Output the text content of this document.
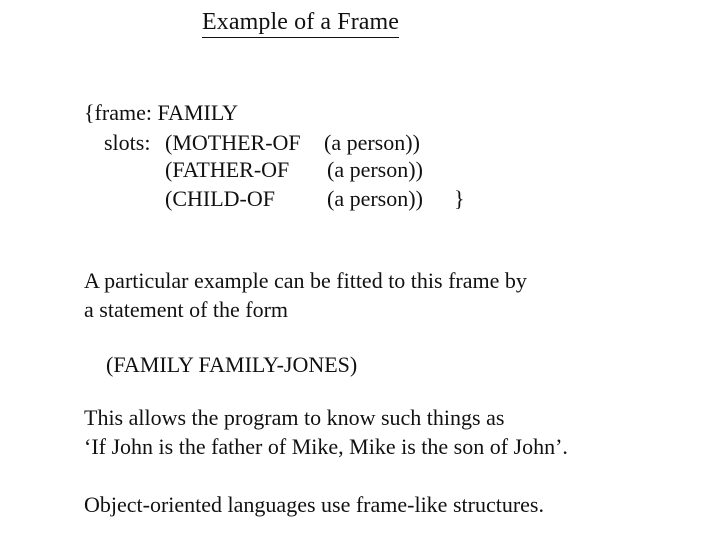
Example of a Frame
{frame: FAMILY
slots: (MOTHER-OF (a person))
(FATHER-OF (a person))
(CHILD-OF (a person)) }
A particular example can be fitted to this frame by
a statement of the form
(FAMILY FAMILY-JONES)
This allows the program to know such things as
‘If John is the father of Mike, Mike is the son of John’.
Object-oriented languages use frame-like structures.
